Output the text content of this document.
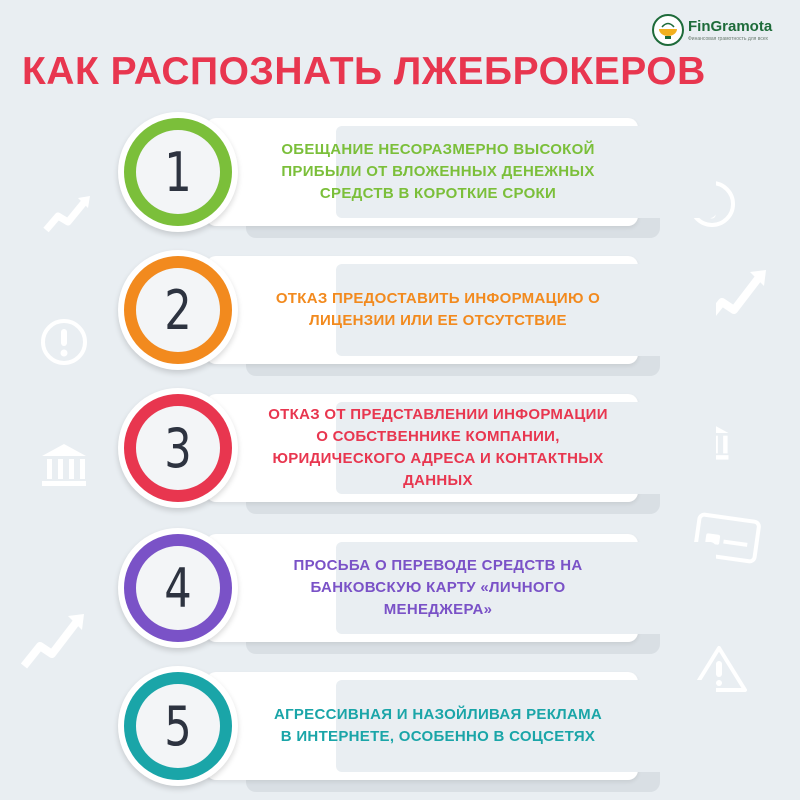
FinGramota
Финансовая грамотность для всех
КАК РАСПОЗНАТЬ ЛЖЕБРОКЕРОВ
ОБЕЩАНИЕ НЕСОРАЗМЕРНО ВЫСОКОЙ ПРИБЫЛИ ОТ ВЛОЖЕННЫХ ДЕНЕЖНЫХ СРЕДСТВ В КОРОТКИЕ СРОКИ
1
ОТКАЗ ПРЕДОСТАВИТЬ ИНФОРМАЦИЮ О ЛИЦЕНЗИИ ИЛИ ЕЕ ОТСУТСТВИЕ
2
ОТКАЗ ОТ ПРЕДСТАВЛЕНИИ ИНФОРМАЦИИ О СОБСТВЕННИКЕ КОМПАНИИ, ЮРИДИЧЕСКОГО АДРЕСА И КОНТАКТНЫХ ДАННЫХ
3
ПРОСЬБА О ПЕРЕВОДЕ СРЕДСТВ НА БАНКОВСКУЮ КАРТУ «ЛИЧНОГО МЕНЕДЖЕРА»
4
АГРЕССИВНАЯ И НАЗОЙЛИВАЯ РЕКЛАМА В ИНТЕРНЕТЕ, ОСОБЕННО В СОЦСЕТЯХ
5
